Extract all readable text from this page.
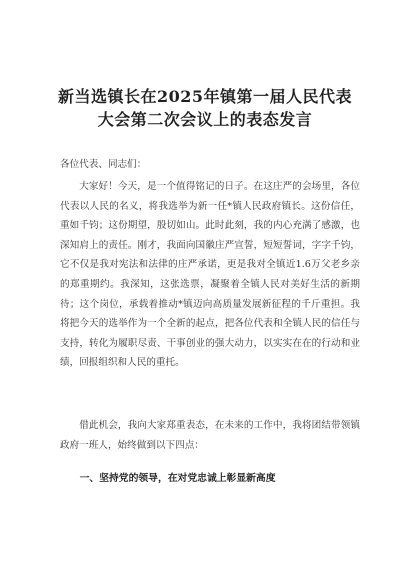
新当选镇长在2025年镇第一届人民代表
大会第二次会议上的表态发言
各位代表、同志们：
大家好！今天，是一个值得铭记的日子。在这庄严的会场里，各位代表以人民的名义，将我选举为新一任*镇人民政府镇长。这份信任，重如千钧；这份期望，殷切如山。此时此刻，我的内心充满了感激，也深知肩上的责任。刚才，我面向国徽庄严宣誓，短短誓词，字字千钧，它不仅是我对宪法和法律的庄严承诺，更是我对全镇近1.6万父老乡亲的郑重期约。我深知，这张选票，凝聚着全镇人民对美好生活的新期待；这个岗位，承载着推动*镇迈向高质量发展新征程的千斤重担。我将把今天的选举作为一个全新的起点，把各位代表和全镇人民的信任与支持，转化为履职尽责、干事创业的强大动力，以实实在在的行动和业绩，回报组织和人民的重托。
借此机会，我向大家郑重表态，在未来的工作中，我将团结带领镇政府一班人，始终做到以下四点：
一、坚持党的领导，在对党忠诚上彰显新高度
